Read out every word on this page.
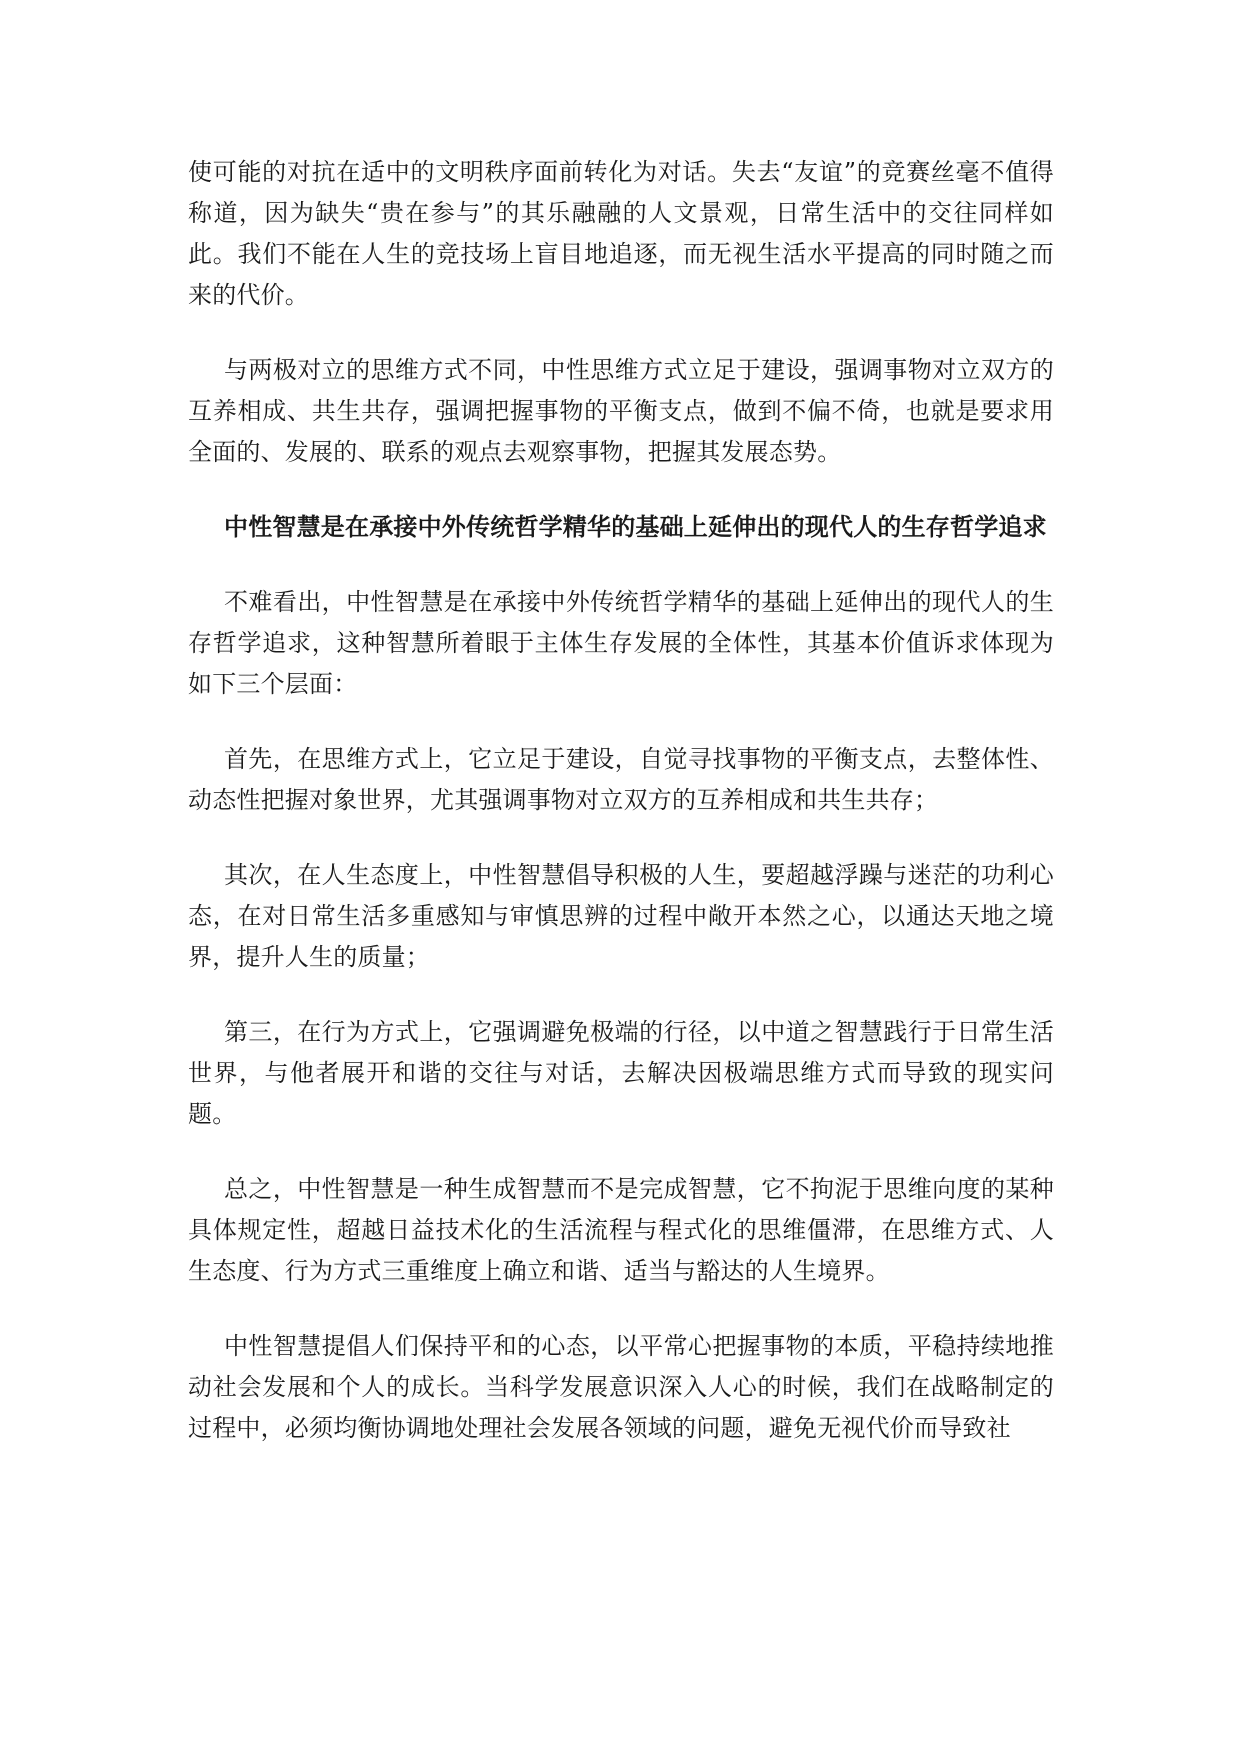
使可能的对抗在适中的文明秩序面前转化为对话。失去“友谊”的竞赛丝毫不值得称道，因为缺失“贵在参与”的其乐融融的人文景观，日常生活中的交往同样如此。我们不能在人生的竞技场上盲目地追逐，而无视生活水平提高的同时随之而来的代价。

与两极对立的思维方式不同，中性思维方式立足于建设，强调事物对立双方的互养相成、共生共存，强调把握事物的平衡支点，做到不偏不倚，也就是要求用全面的、发展的、联系的观点去观察事物，把握其发展态势。

中性智慧是在承接中外传统哲学精华的基础上延伸出的现代人的生存哲学追求

不难看出，中性智慧是在承接中外传统哲学精华的基础上延伸出的现代人的生存哲学追求，这种智慧所着眼于主体生存发展的全体性，其基本价值诉求体现为如下三个层面：

首先，在思维方式上，它立足于建设，自觉寻找事物的平衡支点，去整体性、动态性把握对象世界，尤其强调事物对立双方的互养相成和共生共存；

其次，在人生态度上，中性智慧倡导积极的人生，要超越浮躁与迷茫的功利心态，在对日常生活多重感知与审慎思辨的过程中敞开本然之心，以通达天地之境界，提升人生的质量；

第三，在行为方式上，它强调避免极端的行径，以中道之智慧践行于日常生活世界，与他者展开和谐的交往与对话，去解决因极端思维方式而导致的现实问题。

总之，中性智慧是一种生成智慧而不是完成智慧，它不拘泥于思维向度的某种具体规定性，超越日益技术化的生活流程与程式化的思维僵滞，在思维方式、人生态度、行为方式三重维度上确立和谐、适当与豁达的人生境界。

中性智慧提倡人们保持平和的心态，以平常心把握事物的本质，平稳持续地推动社会发展和个人的成长。当科学发展意识深入人心的时候，我们在战略制定的过程中，必须均衡协调地处理社会发展各领域的问题，避免无视代价而导致社
